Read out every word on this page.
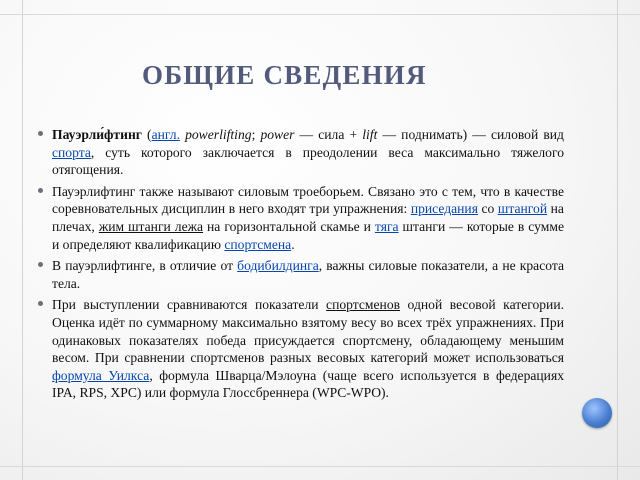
ОБЩИЕ СВЕДЕНИЯ
Пауэрли́фтинг (англ. powerlifting; power — сила + lift — поднимать) — силовой вид спорта, суть которого заключается в преодолении веса максимально тяжелого отягощения.
Пауэрлифтинг также называют силовым троеборьем. Связано это с тем, что в качестве соревновательных дисциплин в него входят три упражнения: приседания со штангой на плечах, жим штанги лежа на горизонтальной скамье и тяга штанги — которые в сумме и определяют квалификацию спортсмена.
В пауэрлифтинге, в отличие от бодибилдинга, важны силовые показатели, а не красота тела.
При выступлении сравниваются показатели спортсменов одной весовой категории. Оценка идёт по суммарному максимально взятому весу во всех трёх упражнениях. При одинаковых показателях победа присуждается спортсмену, обладающему меньшим весом. При сравнении спортсменов разных весовых категорий может использоваться формула Уилкса, формула Шварца/Мэлоуна (чаще всего используется в федерациях IPA, RPS, XPC) или формула Глоссбреннера (WPC-WPO).
